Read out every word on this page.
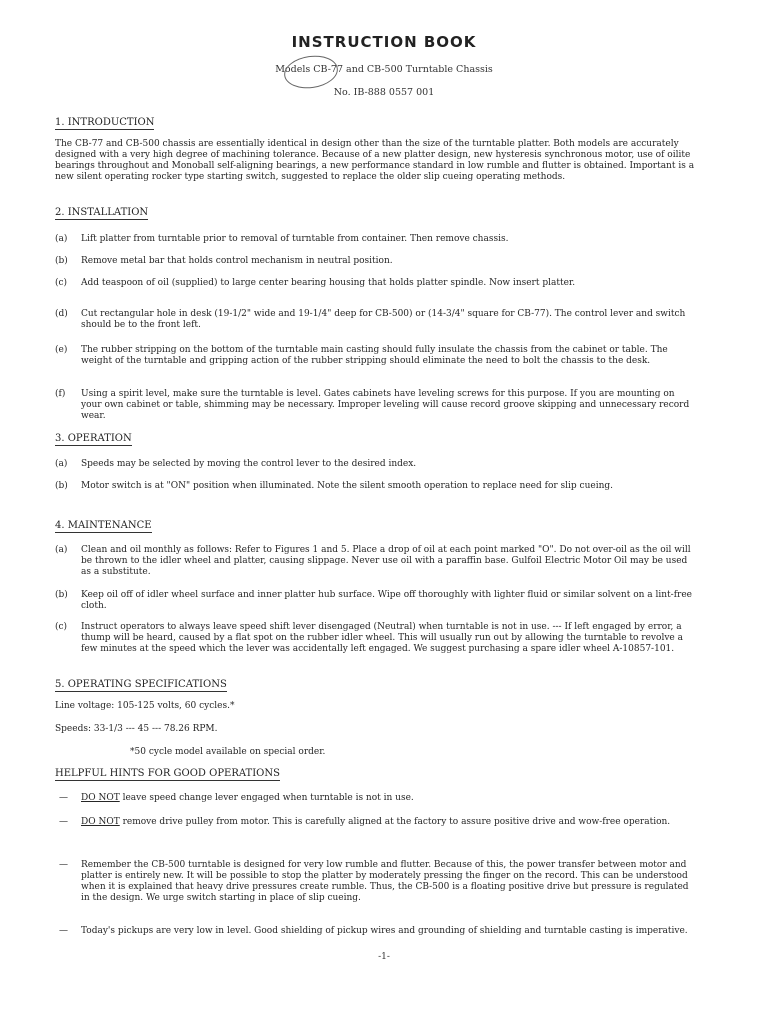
INSTRUCTION BOOK
Models CB-77 and CB-500 Turntable Chassis
No. IB-888 0557 001
1. INTRODUCTION

The CB-77 and CB-500 chassis are essentially identical in design other than the size of the turntable platter. Both models are accurately designed with a very high degree of machining tolerance. Because of a new platter design, new hysteresis synchronous motor, use of oilite bearings throughout and Monoball self-aligning bearings, a new performance standard in low rumble and flutter is obtained. Important is a new silent operating rocker type starting switch, suggested to replace the older slip cueing operating methods.

2. INSTALLATION
(a)	Lift platter from turntable prior to removal of turntable from container. Then remove chassis.
(b)	Remove metal bar that holds control mechanism in neutral position.
(c)	Add teaspoon of oil (supplied) to large center bearing housing that holds platter spindle. Now insert platter.
(d)	Cut rectangular hole in desk (19-1/2" wide and 19-1/4" deep for CB-500) or (14-3/4" square for CB-77). The control lever and switch should be to the front left.
(e)	The rubber stripping on the bottom of the turntable main casting should fully insulate the chassis from the cabinet or table. The weight of the turntable and gripping action of the rubber stripping should eliminate the need to bolt the chassis to the desk.
(f)	Using a spirit level, make sure the turntable is level. Gates cabinets have leveling screws for this purpose. If you are mounting on your own cabinet or table, shimming may be necessary. Improper leveling will cause record groove skipping and unnecessary record wear.
3. OPERATION
(a)	Speeds may be selected by moving the control lever to the desired index.
(b)	Motor switch is at "ON" position when illuminated. Note the silent smooth operation to replace need for slip cueing.
4. MAINTENANCE
(a)	Clean and oil monthly as follows: Refer to Figures 1 and 5. Place a drop of oil at each point marked "O". Do not over-oil as the oil will be thrown to the idler wheel and platter, causing slippage. Never use oil with a paraffin base. Gulfoil Electric Motor Oil may be used as a substitute.
(b)	Keep oil off of idler wheel surface and inner platter hub surface. Wipe off thoroughly with lighter fluid or similar solvent on a lint-free cloth.
(c)	Instruct operators to always leave speed shift lever disengaged (Neutral) when turntable is not in use. --- If left engaged by error, a thump will be heard, caused by a flat spot on the rubber idler wheel. This will usually run out by allowing the turntable to revolve a few minutes at the speed which the lever was accidentally left engaged. We suggest purchasing a spare idler wheel A-10857-101.
5. OPERATING SPECIFICATIONS
Line voltage: 105-125 volts, 60 cycles.*
Speeds: 33-1/3 --- 45 --- 78.26 RPM.
*50 cycle model available on special order.
HELPFUL HINTS FOR GOOD OPERATIONS
— DO NOT leave speed change lever engaged when turntable is not in use.
— DO NOT remove drive pulley from motor. This is carefully aligned at the factory to assure positive drive and wow-free operation.
— Remember the CB-500 turntable is designed for very low rumble and flutter. Because of this, the power transfer between motor and platter is entirely new. It will be possible to stop the platter by moderately pressing the finger on the record. This can be understood when it is explained that heavy drive pressures create rumble. Thus, the CB-500 is a floating positive drive but pressure is regulated in the design. We urge switch starting in place of slip cueing.
— Today's pickups are very low in level. Good shielding of pickup wires and grounding of shielding and turntable casting is imperative.
-1-
